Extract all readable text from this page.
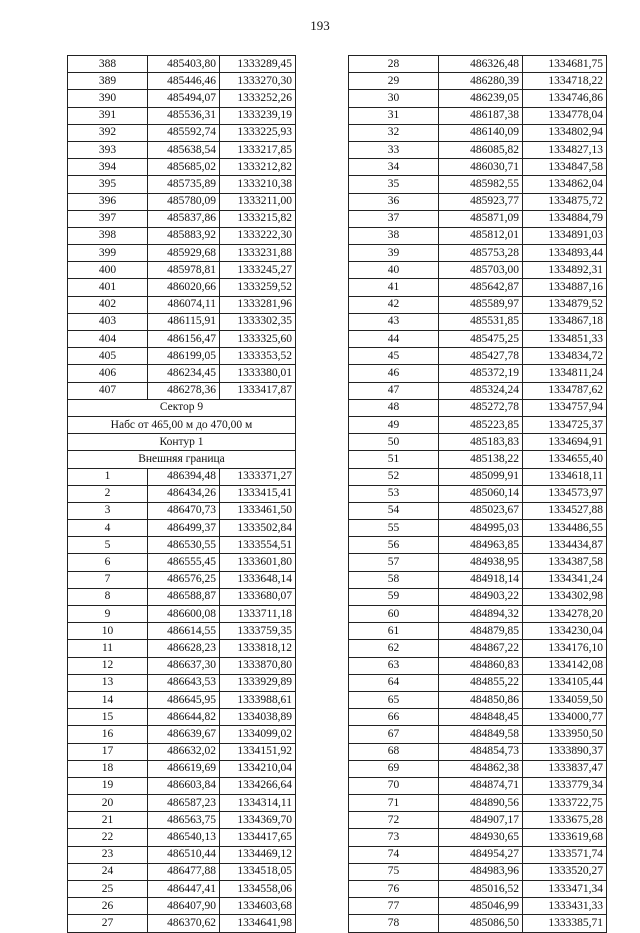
193
388	485403,80	1333289,45
389	485446,46	1333270,30
390	485494,07	1333252,26
391	485536,31	1333239,19
392	485592,74	1333225,93
393	485638,54	1333217,85
394	485685,02	1333212,82
395	485735,89	1333210,38
396	485780,09	1333211,00
397	485837,86	1333215,82
398	485883,92	1333222,30
399	485929,68	1333231,88
400	485978,81	1333245,27
401	486020,66	1333259,52
402	486074,11	1333281,96
403	486115,91	1333302,35
404	486156,47	1333325,60
405	486199,05	1333353,52
406	486234,45	1333380,01
407	486278,36	1333417,87
Сектор 9		
Набс от 465,00 м до 470,00 м		
Контур 1		
Внешняя граница		
1	486394,48	1333371,27
2	486434,26	1333415,41
3	486470,73	1333461,50
4	486499,37	1333502,84
5	486530,55	1333554,51
6	486555,45	1333601,80
7	486576,25	1333648,14
8	486588,87	1333680,07
9	486600,08	1333711,18
10	486614,55	1333759,35
11	486628,23	1333818,12
12	486637,30	1333870,80
13	486643,53	1333929,89
14	486645,95	1333988,61
15	486644,82	1334038,89
16	486639,67	1334099,02
17	486632,02	1334151,92
18	486619,69	1334210,04
19	486603,84	1334266,64
20	486587,23	1334314,11
21	486563,75	1334369,70
22	486540,13	1334417,65
23	486510,44	1334469,12
24	486477,88	1334518,05
25	486447,41	1334558,06
26	486407,90	1334603,68
27	486370,62	1334641,98
28	486326,48	1334681,75
29	486280,39	1334718,22
30	486239,05	1334746,86
31	486187,38	1334778,04
32	486140,09	1334802,94
33	486085,82	1334827,13
34	486030,71	1334847,58
35	485982,55	1334862,04
36	485923,77	1334875,72
37	485871,09	1334884,79
38	485812,01	1334891,03
39	485753,28	1334893,44
40	485703,00	1334892,31
41	485642,87	1334887,16
42	485589,97	1334879,52
43	485531,85	1334867,18
44	485475,25	1334851,33
45	485427,78	1334834,72
46	485372,19	1334811,24
47	485324,24	1334787,62
48	485272,78	1334757,94
49	485223,85	1334725,37
50	485183,83	1334694,91
51	485138,22	1334655,40
52	485099,91	1334618,11
53	485060,14	1334573,97
54	485023,67	1334527,88
55	484995,03	1334486,55
56	484963,85	1334434,87
57	484938,95	1334387,58
58	484918,14	1334341,24
59	484903,22	1334302,98
60	484894,32	1334278,20
61	484879,85	1334230,04
62	484867,22	1334176,10
63	484860,83	1334142,08
64	484855,22	1334105,44
65	484850,86	1334059,50
66	484848,45	1334000,77
67	484849,58	1333950,50
68	484854,73	1333890,37
69	484862,38	1333837,47
70	484874,71	1333779,34
71	484890,56	1333722,75
72	484907,17	1333675,28
73	484930,65	1333619,68
74	484954,27	1333571,74
75	484983,96	1333520,27
76	485016,52	1333471,34
77	485046,99	1333431,33
78	485086,50	1333385,71
